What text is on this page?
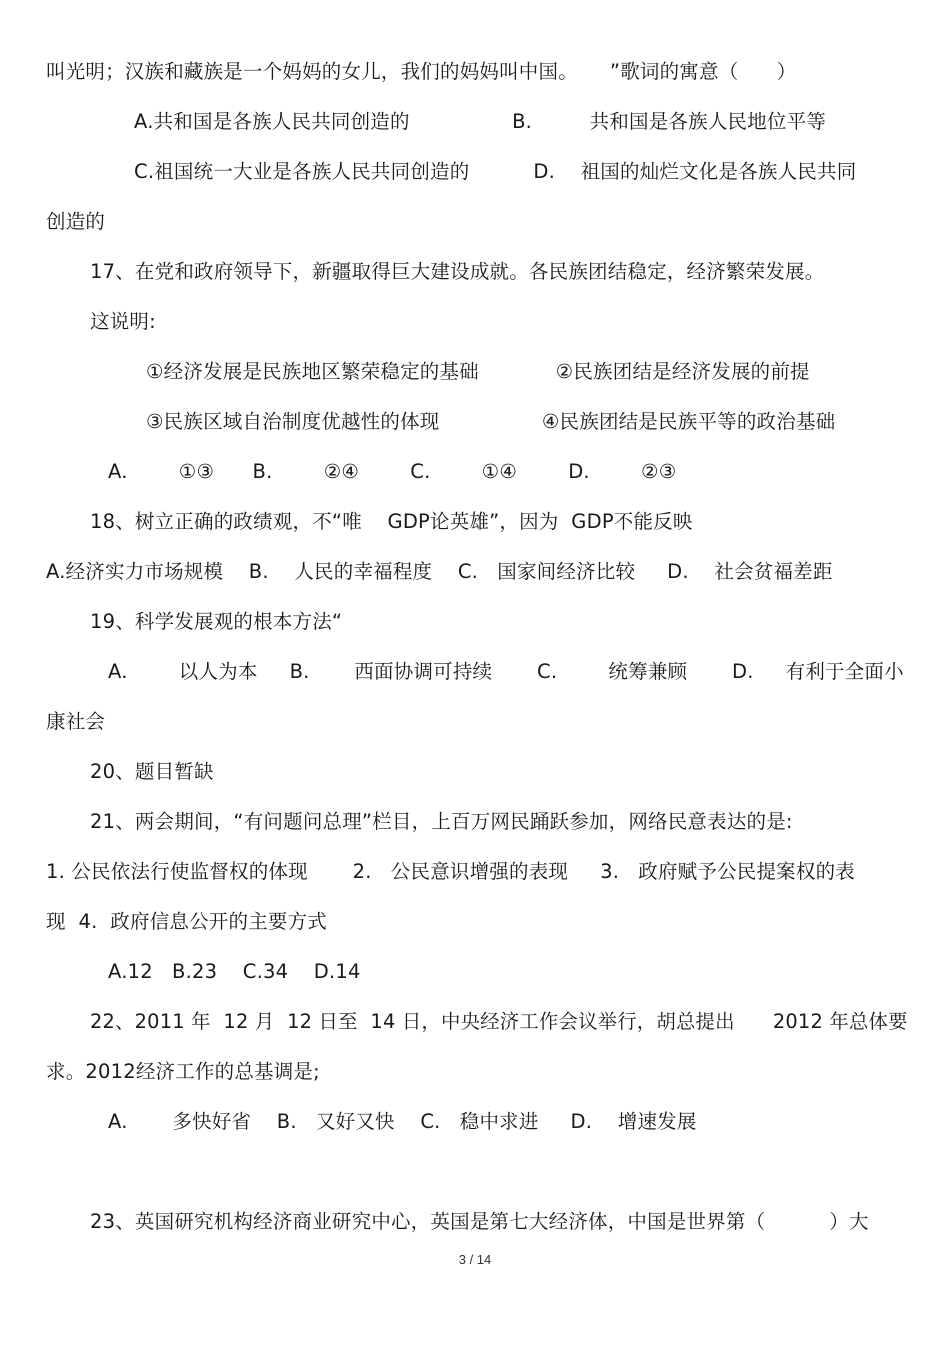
叫光明；汉族和藏族是一个妈妈的女儿，我们的妈妈叫中国。     ”歌词的寓意（      ）
A.共和国是各族人民共同创造的                B.         共和国是各族人民地位平等
C.祖国统一大业是各族人民共同创造的          D.    祖国的灿烂文化是各族人民共同
创造的
17、在党和政府领导下，新疆取得巨大建设成就。各民族团结稳定，经济繁荣发展。
这说明:
①经济发展是民族地区繁荣稳定的基础            ②民族团结是经济发展的前提
③民族区域自治制度优越性的体现                ④民族团结是民族平等的政治基础
A.        ①③      B.        ②④        C.        ①④        D.        ②③
18、树立正确的政绩观，不“唯    GDP论英雄”，因为  GDP不能反映
A.经济实力市场规模    B.    人民的幸福程度    C.   国家间经济比较     D.    社会贫福差距
19、科学发展观的根本方法“
A.        以人为本     B.       西面协调可持续       C.        统筹兼顾       D.     有利于全面小
康社会
20、题目暂缺
21、两会期间，“有问题问总理”栏目，上百万网民踊跃参加，网络民意表达的是:
1. 公民依法行使监督权的体现       2.   公民意识增强的表现     3.   政府赋予公民提案权的表
现  4.  政府信息公开的主要方式
A.12   B.23    C.34    D.14
22、2011 年  12 月  12 日至  14 日，中央经济工作会议举行，胡总提出      2012 年总体要
求。2012经济工作的总基调是;
A.       多快好省    B.   又好又快    C.   稳中求进     D.    增速发展
23、英国研究机构经济商业研究中心，英国是第七大经济体，中国是世界第（          ）大
3 / 14
